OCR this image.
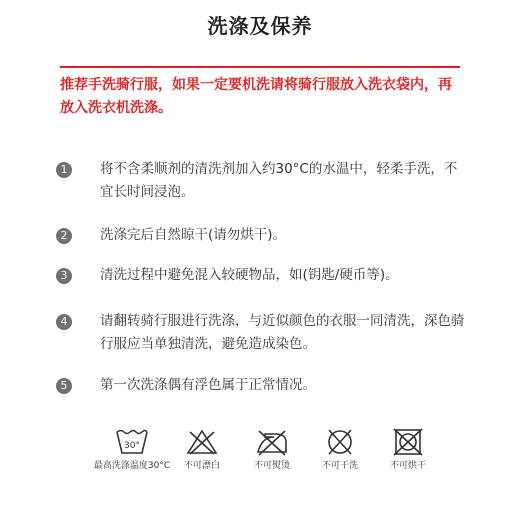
洗涤及保养
推荐手洗骑行服，如果一定要机洗请将骑行服放入洗衣袋内，再放入洗衣机洗涤。
1	将不含柔顺剂的清洗剂加入约30°C的水温中，轻柔手洗，不宜长时间浸泡。
2	洗涤完后自然晾干(请勿烘干)。
3	清洗过程中避免混入较硬物品，如(钥匙/硬币等)。
4	请翻转骑行服进行洗涤，与近似颜色的衣服一同清洗，深色骑行服应当单独清洗，避免造成染色。
5	第一次洗涤偶有浮色属于正常情况。
30°
最高洗涤温度30°C	不可漂白	不可熨烫	不可干洗	不可烘干
